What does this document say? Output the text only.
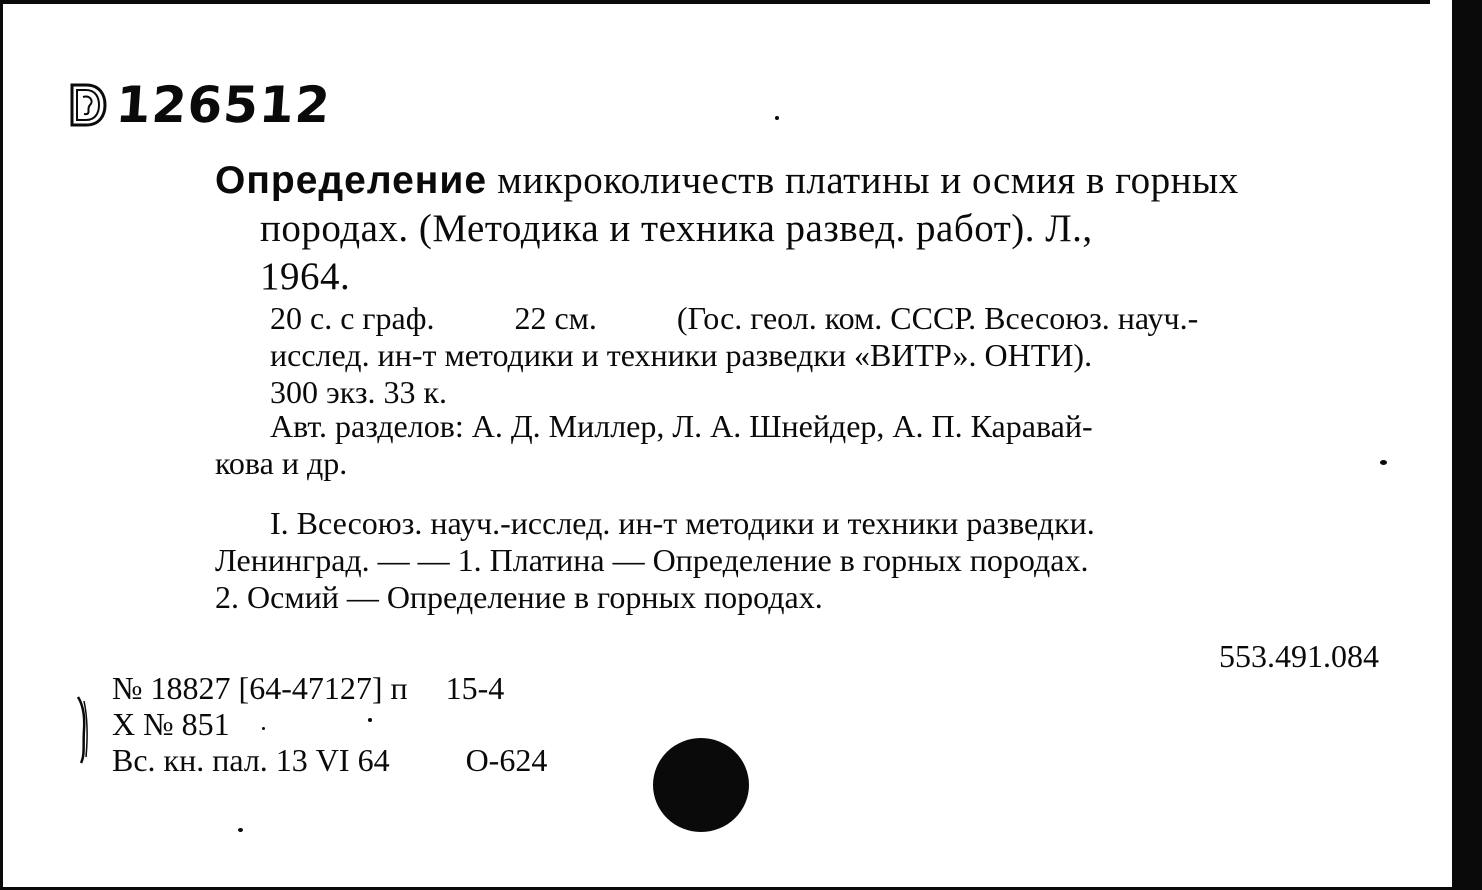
126512
Определение микроколичеств платины и осмия в горных
породах. (Методика и техника развед. работ). Л.,
1964.
20 с. с граф.	22 см.	(Гос. геол. ком. СССР. Всесоюз. науч.-
исслед. ин-т методики и техники разведки «ВИТР». ОНТИ).
300 экз. 33 к.
Авт. разделов: А. Д. Миллер, Л. А. Шнейдер, А. П. Каравай-
кова и др.
I. Всесоюз. науч.-исслед. ин-т методики и техники разведки.
Ленинград. — — 1. Платина — Определение в горных породах.
2. Осмий — Определение в горных породах.
553.491.084
№ 18827 [64-47127] п 15-4
Х № 851
Вс. кн. пал. 13 VI 64 О-624
